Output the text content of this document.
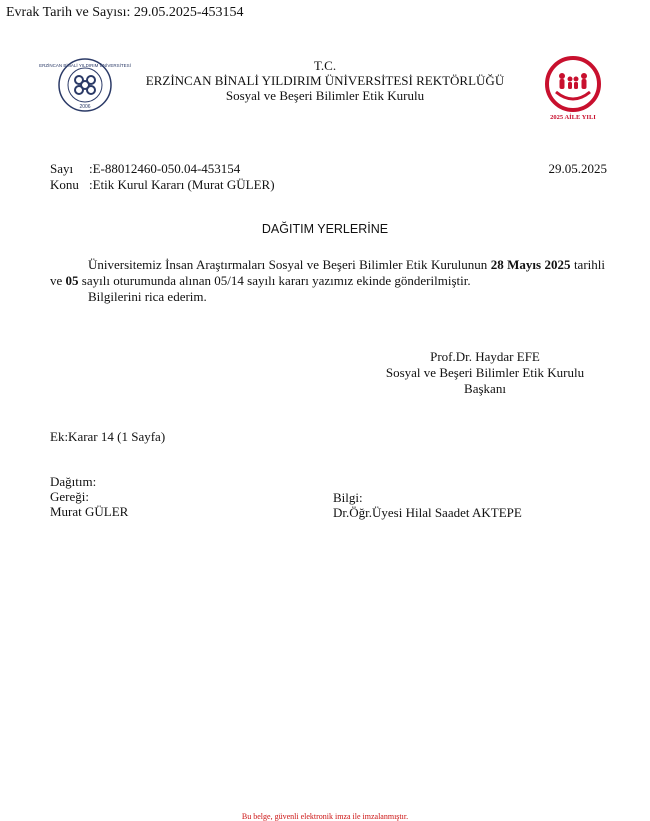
Evrak Tarih ve Sayısı: 29.05.2025-453154
ERZİNCAN BİNALİ YILDIRIM ÜNİVERSİTESİ
2006
T.C.
ERZİNCAN BİNALİ YILDIRIM ÜNİVERSİTESİ REKTÖRLÜĞÜ
Sosyal ve Beşeri Bilimler Etik Kurulu
2025 AİLE YILI
Sayı :E-88012460-050.04-453154
Konu :Etik Kurul Kararı (Murat GÜLER)
29.05.2025
DAĞITIM YERLERİNE
Üniversitemiz İnsan Araştırmaları Sosyal ve Beşeri Bilimler Etik Kurulunun 28 Mayıs 2025 tarihli ve 05 sayılı oturumunda alınan 05/14 sayılı kararı yazımız ekinde gönderilmiştir.
Bilgilerini rica ederim.
Prof.Dr. Haydar EFE
Sosyal ve Beşeri Bilimler Etik Kurulu
Başkanı
Ek:Karar 14 (1 Sayfa)
Dağıtım:
Gereği:
Murat GÜLER
Bilgi:
Dr.Öğr.Üyesi Hilal Saadet AKTEPE
Bu belge, güvenli elektronik imza ile imzalanmıştır.
